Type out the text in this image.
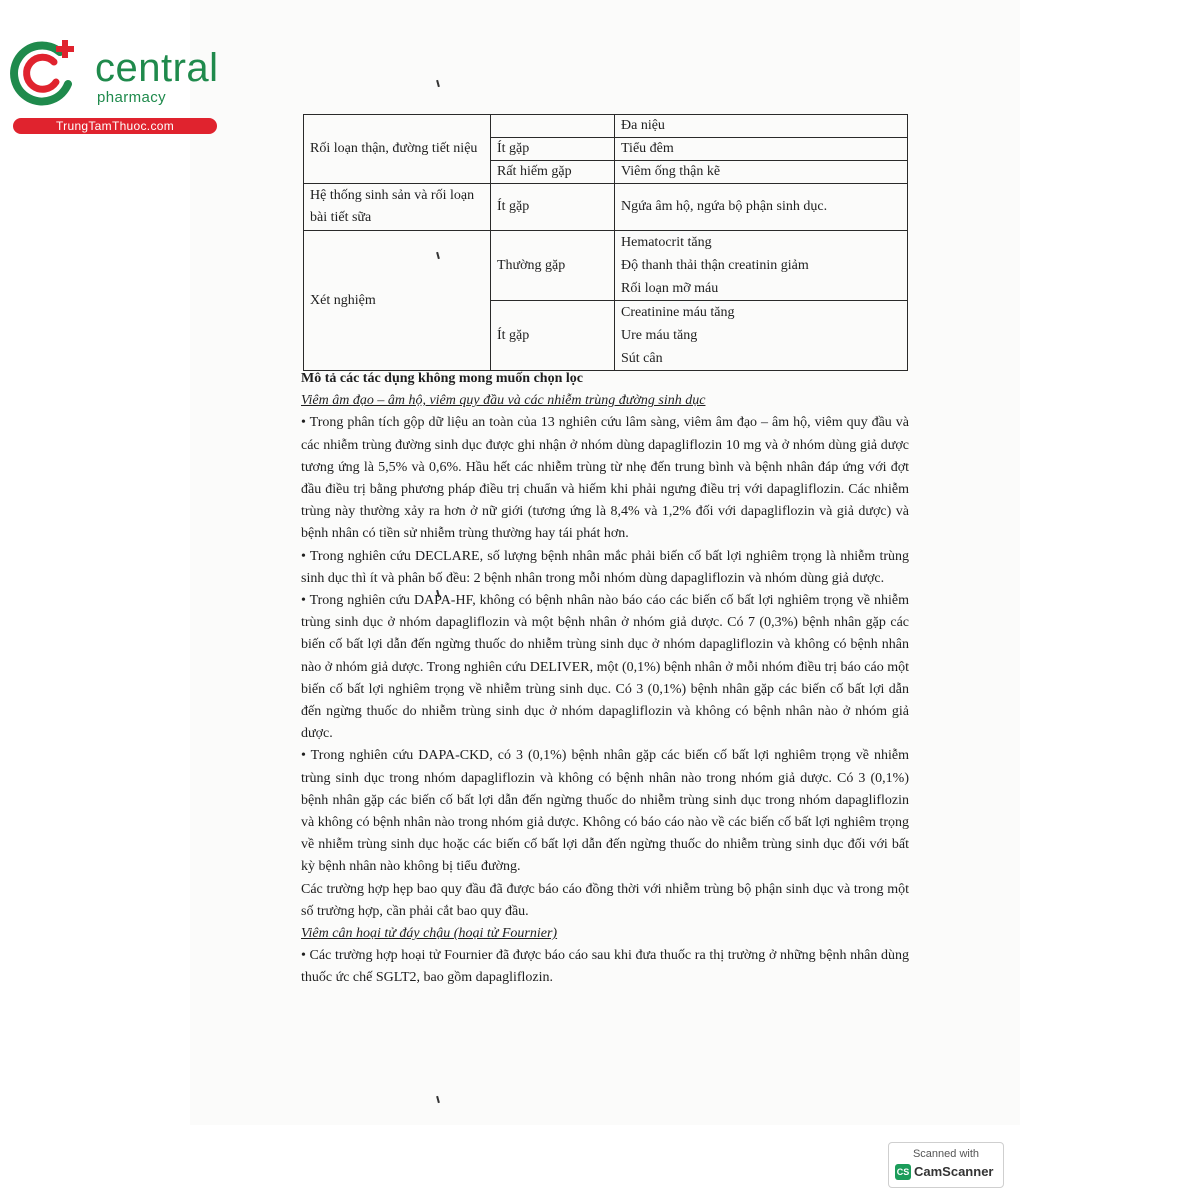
central
pharmacy
TrungTamThuoc.com
Rối loạn thận, đường tiết niệu		Đa niệu
	Ít gặp	Tiểu đêm
	Rất hiếm gặp	Viêm ống thận kẽ
Hệ thống sinh sản và rối loạn bài tiết sữa	Ít gặp	Ngứa âm hộ, ngứa bộ phận sinh dục.
Xét nghiệm	Thường gặp	Hematocrit tăng
Độ thanh thải thận creatinin giảm
Rối loạn mỡ máu

	Ít gặp	Creatinine máu tăng
Ure máu tăng
Sút cân

Mô tả các tác dụng không mong muốn chọn lọc

Viêm âm đạo – âm hộ, viêm quy đầu và các nhiễm trùng đường sinh dục

• Trong phân tích gộp dữ liệu an toàn của 13 nghiên cứu lâm sàng, viêm âm đạo – âm hộ, viêm quy đầu và các nhiễm trùng đường sinh dục được ghi nhận ở nhóm dùng dapagliflozin 10 mg và ở nhóm dùng giả dược tương ứng là 5,5% và 0,6%. Hầu hết các nhiễm trùng từ nhẹ đến trung bình và bệnh nhân đáp ứng với đợt đầu điều trị bằng phương pháp điều trị chuẩn và hiếm khi phải ngưng điều trị với dapagliflozin. Các nhiễm trùng này thường xảy ra hơn ở nữ giới (tương ứng là 8,4% và 1,2% đối với dapagliflozin và giả dược) và bệnh nhân có tiền sử nhiễm trùng thường hay tái phát hơn.

• Trong nghiên cứu DECLARE, số lượng bệnh nhân mắc phải biến cố bất lợi nghiêm trọng là nhiễm trùng sinh dục thì ít và phân bố đều: 2 bệnh nhân trong mỗi nhóm dùng dapagliflozin và nhóm dùng giả dược.

• Trong nghiên cứu DAPA-HF, không có bệnh nhân nào báo cáo các biến cố bất lợi nghiêm trọng về nhiễm trùng sinh dục ở nhóm dapagliflozin và một bệnh nhân ở nhóm giả dược. Có 7 (0,3%) bệnh nhân gặp các biến cố bất lợi dẫn đến ngừng thuốc do nhiễm trùng sinh dục ở nhóm dapagliflozin và không có bệnh nhân nào ở nhóm giả dược. Trong nghiên cứu DELIVER, một (0,1%) bệnh nhân ở mỗi nhóm điều trị báo cáo một biến cố bất lợi nghiêm trọng về nhiễm trùng sinh dục. Có 3 (0,1%) bệnh nhân gặp các biến cố bất lợi dẫn đến ngừng thuốc do nhiễm trùng sinh dục ở nhóm dapagliflozin và không có bệnh nhân nào ở nhóm giả dược.

• Trong nghiên cứu DAPA-CKD, có 3 (0,1%) bệnh nhân gặp các biến cố bất lợi nghiêm trọng về nhiễm trùng sinh dục trong nhóm dapagliflozin và không có bệnh nhân nào trong nhóm giả dược. Có 3 (0,1%) bệnh nhân gặp các biến cố bất lợi dẫn đến ngừng thuốc do nhiễm trùng sinh dục trong nhóm dapagliflozin và không có bệnh nhân nào trong nhóm giả dược. Không có báo cáo nào về các biến cố bất lợi nghiêm trọng về nhiễm trùng sinh dục hoặc các biến cố bất lợi dẫn đến ngừng thuốc do nhiễm trùng sinh dục đối với bất kỳ bệnh nhân nào không bị tiểu đường.

Các trường hợp hẹp bao quy đầu đã được báo cáo đồng thời với nhiễm trùng bộ phận sinh dục và trong một số trường hợp, cần phải cắt bao quy đầu.

Viêm cân hoại tử đáy chậu (hoại tử Fournier)

• Các trường hợp hoại tử Fournier đã được báo cáo sau khi đưa thuốc ra thị trường ở những bệnh nhân dùng thuốc ức chế SGLT2, bao gồm dapagliflozin.

Scanned with
CS CamScanner
